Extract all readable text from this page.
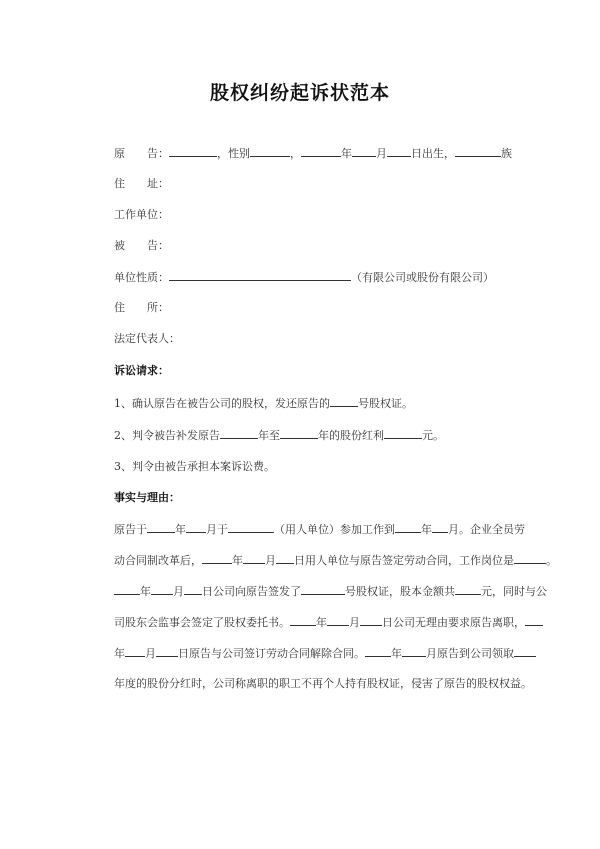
股权纠纷起诉状范本
原　　告：	，性别	，	年 月 日出生，	族
住　　址：
工作单位：
被　　告：
单位性质：	（有限公司或股份有限公司）
住　　所：
法定代表人：
诉讼请求：
1、确认原告在被告公司的股权，发还原告的	号股权证。
2、判令被告补发原告	年至	年的股份红利	元。
3、判令由被告承担本案诉讼费。
事实与理由：
原告于	年 月于	（用人单位）参加工作到 年 月。企业全员劳
动合同制改革后，	年 月 日用人单位与原告签定劳动合同，工作岗位是	。
年 月 日公司向原告签发了	号股权证，股本金额共 元，同时与公
司股东会监事会签定了股权委托书。 年 月 日公司无理由要求原告离职，
年 月 日原告与公司签订劳动合同解除合同。 年 月原告到公司领取
年度的股份分红时，公司称离职的职工不再个人持有股权证，侵害了原告的股权权益。
